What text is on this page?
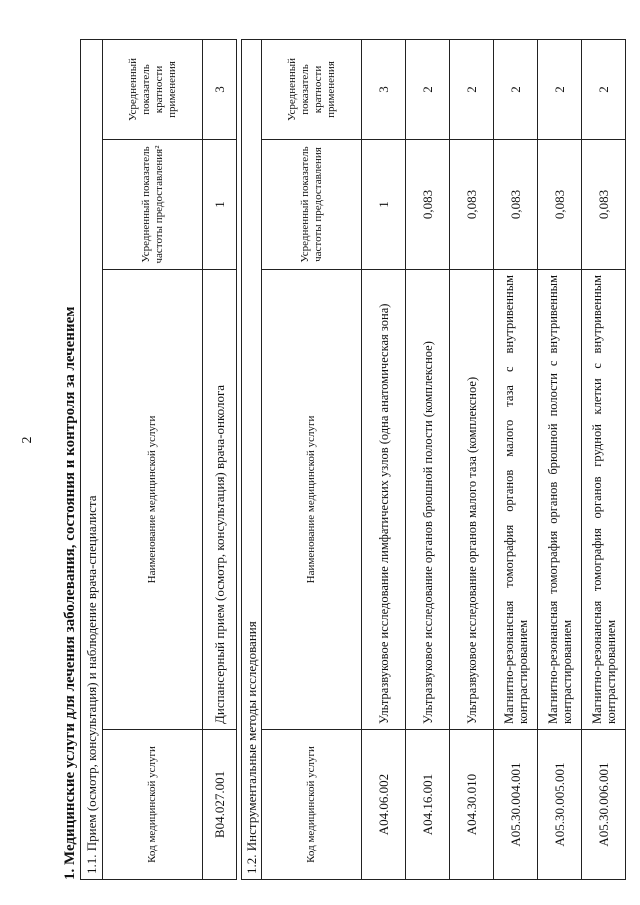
2 1. Медицинские услуги для лечения заболевания, состояния и контроля за лечением 1.1. Прием (осмотр, консультация) и наблюдение врача-специалиста			
Код медицинской услуги	Наименование медицинской услуги	Усредненный показатель частоты предоставления²	Усредненный показатель кратности применения
B04.027.001	Диспансерный прием (осмотр, консультация) врача-онколога	1	3
1.2. Инструментальные методы исследования			
Код медицинской услуги	Наименование медицинской услуги	Усредненный показатель частоты предоставления	Усредненный показатель кратности применения
A04.06.002	Ультразвуковое исследование лимфатических узлов (одна анатомическая зона)	1	3
A04.16.001	Ультразвуковое исследование органов брюшной полости (комплексное)	0,083	2
A04.30.010	Ультразвуковое исследование органов малого таза (комплексное)	0,083	2
A05.30.004.001	Магнитно-резонансная томография органов малого таза с внутривенным контрастированием	0,083	2
A05.30.005.001	Магнитно-резонансная томография органов брюшной полости с внутривенным контрастированием	0,083	2
A05.30.006.001	Магнитно-резонансная томография органов грудной клетки с внутривенным контрастированием	0,083	2
